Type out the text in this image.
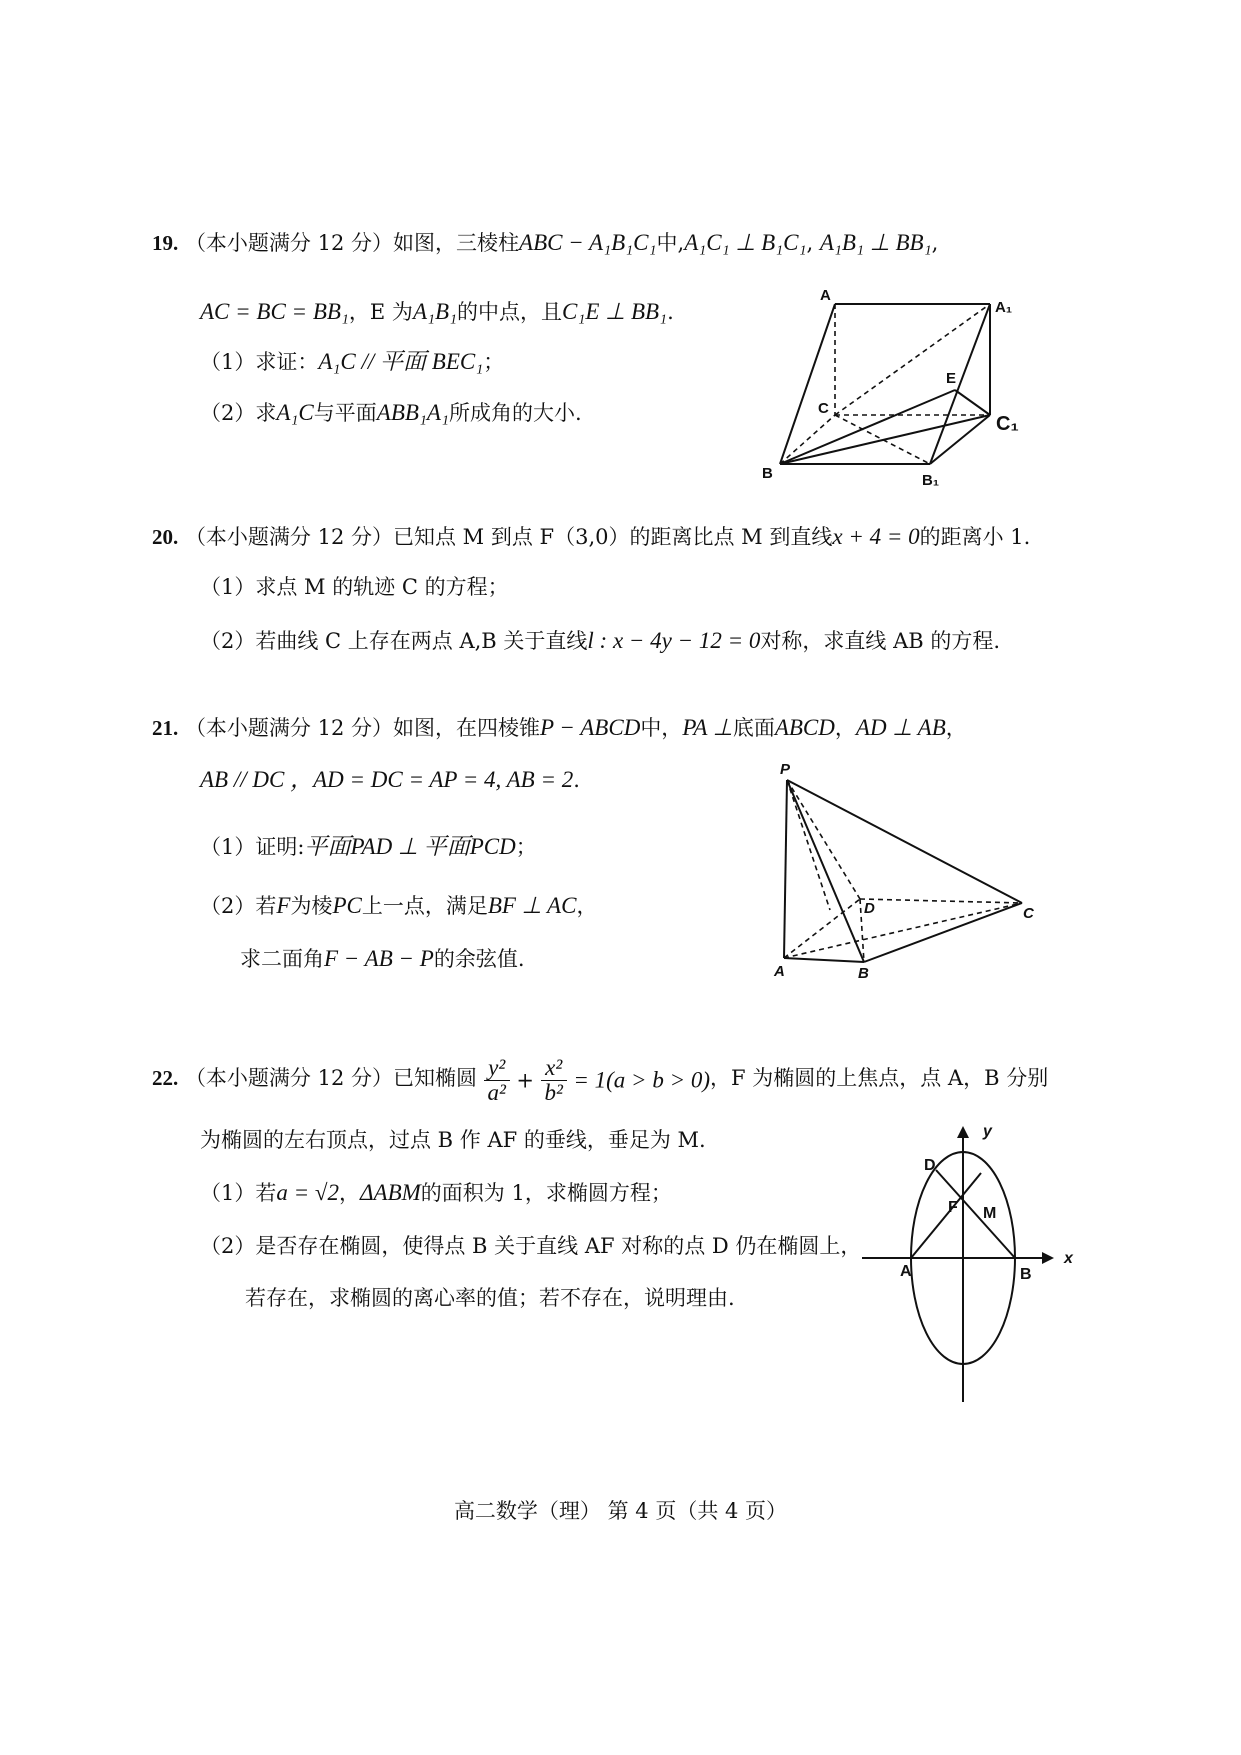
19. （本小题满分 12 分）如图，三棱柱ABC − A₁B₁C₁中,A₁C₁ ⊥ B₁C₁, A₁B₁ ⊥ BB₁,
AC = BC = BB₁，E 为A₁B₁的中点，且C₁E ⊥ BB₁.
（1）求证：A₁C // 平面 BEC₁；
（2）求A₁C与平面ABB₁A₁所成角的大小.
A
A₁
E
C
C₁
B	B₁
20. （本小题满分 12 分）已知点 M 到点 F（3,0）的距离比点 M 到直线x + 4 = 0的距离小 1.
（1）求点 M 的轨迹 C 的方程；
（2）若曲线 C 上存在两点 A,B 关于直线l : x − 4y − 12 = 0对称，求直线 AB 的方程.
21. （本小题满分 12 分）如图，在四棱锥P − ABCD中，PA ⊥底面ABCD，AD ⊥ AB，
AB // DC ，AD = DC = AP = 4, AB = 2.
（1）证明:平面PAD ⊥ 平面PCD；
（2）若F为棱PC上一点，满足BF ⊥ AC，
求二面角F − AB − P的余弦值.
P
D	C
A	B
22. （本小题满分 12 分）已知椭圆 $\frac{\text{y²}}{\text{a²}} + \frac{\text{x²}}{\text{b²}} = 1(a > b > 0)$，F 为椭圆的上焦点，点 A，B 分别
为椭圆的左右顶点，过点 B 作 AF 的垂线，垂足为 M.
（1）若a = √2，ΔABM的面积为 1，求椭圆方程；
（2）是否存在椭圆，使得点 B 关于直线 AF 对称的点 D 仍在椭圆上，
若存在，求椭圆的离心率的值；若不存在，说明理由.
y
x
D
F M
A	B
高二数学（理） 第 4 页（共 4 页）
